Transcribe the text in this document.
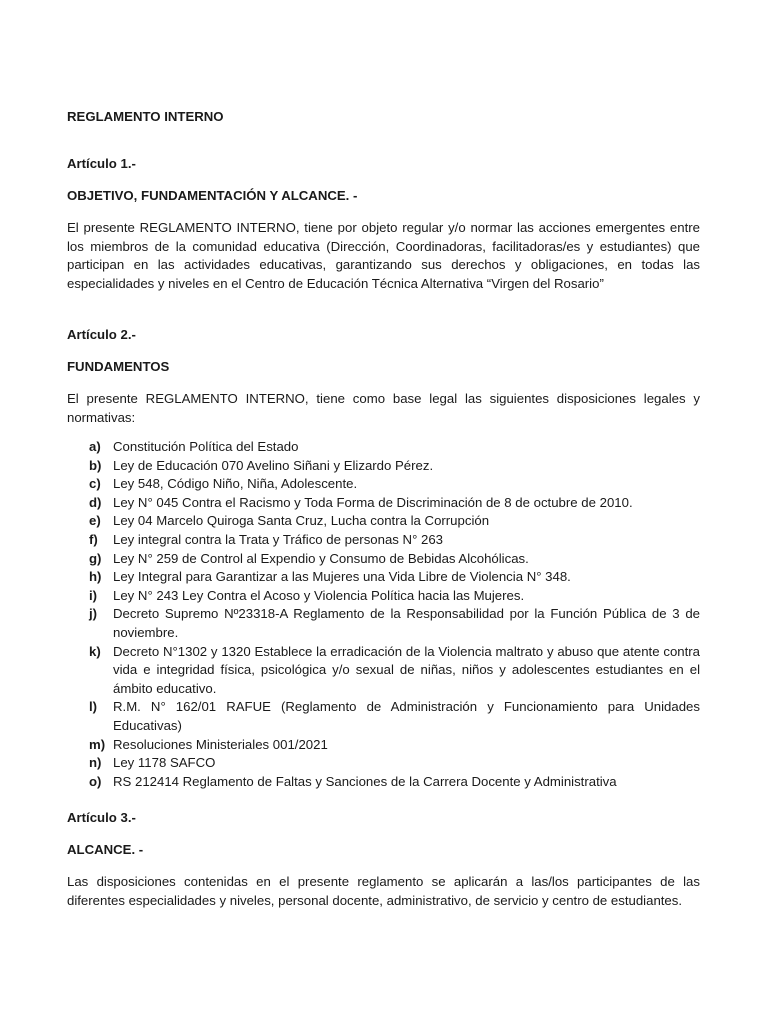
REGLAMENTO INTERNO
Artículo 1.-
OBJETIVO, FUNDAMENTACIÓN Y ALCANCE. -
El presente REGLAMENTO INTERNO, tiene por objeto regular y/o normar las acciones emergentes entre los miembros de la comunidad educativa (Dirección, Coordinadoras, facilitadoras/es y estudiantes) que participan en las actividades educativas, garantizando sus derechos y obligaciones, en todas las especialidades y niveles en el Centro de Educación Técnica Alternativa “Virgen del Rosario”
Artículo 2.-
FUNDAMENTOS
El presente REGLAMENTO INTERNO, tiene como base legal las siguientes disposiciones legales y normativas:
a) Constitución Política del Estado
b) Ley de Educación 070 Avelino Siñani y Elizardo Pérez.
c) Ley 548, Código Niño, Niña, Adolescente.
d) Ley N° 045 Contra el Racismo y Toda Forma de Discriminación de 8 de octubre de 2010.
e) Ley 04 Marcelo Quiroga Santa Cruz, Lucha contra la Corrupción
f) Ley integral contra la Trata y Tráfico de personas N° 263
g) Ley N° 259 de Control al Expendio y Consumo de Bebidas Alcohólicas.
h) Ley Integral para Garantizar a las Mujeres una Vida Libre de Violencia N° 348.
i) Ley N° 243 Ley Contra el Acoso y Violencia Política hacia las Mujeres.
j) Decreto Supremo Nº23318-A Reglamento de la Responsabilidad por la Función Pública de 3 de noviembre.
k) Decreto N°1302 y 1320 Establece la erradicación de la Violencia maltrato y abuso que atente contra vida e integridad física, psicológica y/o sexual de niñas, niños y adolescentes estudiantes en el ámbito educativo.
l) R.M. N° 162/01 RAFUE (Reglamento de Administración y Funcionamiento para Unidades Educativas)
m) Resoluciones Ministeriales 001/2021
n) Ley 1178 SAFCO
o) RS 212414 Reglamento de Faltas y Sanciones de la Carrera Docente y Administrativa
Artículo 3.-
ALCANCE. -
Las disposiciones contenidas en el presente reglamento se aplicarán a las/los participantes de las diferentes especialidades y niveles, personal docente, administrativo, de servicio y centro de estudiantes.
